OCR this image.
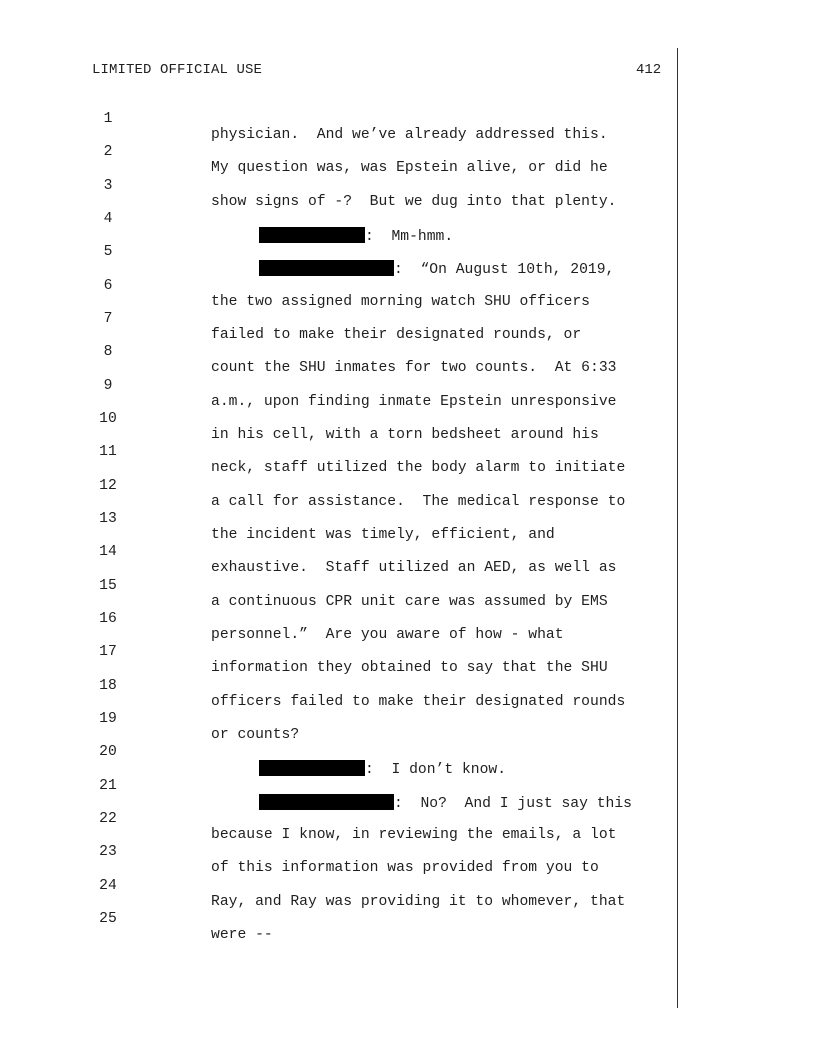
LIMITED OFFICIAL USE	412

1

physician.  And we’ve already addressed this.

2

My question was, was Epstein alive, or did he

3

show signs of -?  But we dug into that plenty.

4

:  Mm-hmm.

5

:  “On August 10th, 2019,

6

the two assigned morning watch SHU officers

7

failed to make their designated rounds, or

8

count the SHU inmates for two counts.  At 6:33

9

a.m., upon finding inmate Epstein unresponsive

10

in his cell, with a torn bedsheet around his

11

neck, staff utilized the body alarm to initiate

12

a call for assistance.  The medical response to

13

the incident was timely, efficient, and

14

exhaustive.  Staff utilized an AED, as well as

15

a continuous CPR unit care was assumed by EMS

16

personnel.”  Are you aware of how - what

17

information they obtained to say that the SHU

18

officers failed to make their designated rounds

19

or counts?

20

:  I don’t know.

21

:  No?  And I just say this

22

because I know, in reviewing the emails, a lot

23

of this information was provided from you to

24

Ray, and Ray was providing it to whomever, that

25

were --
